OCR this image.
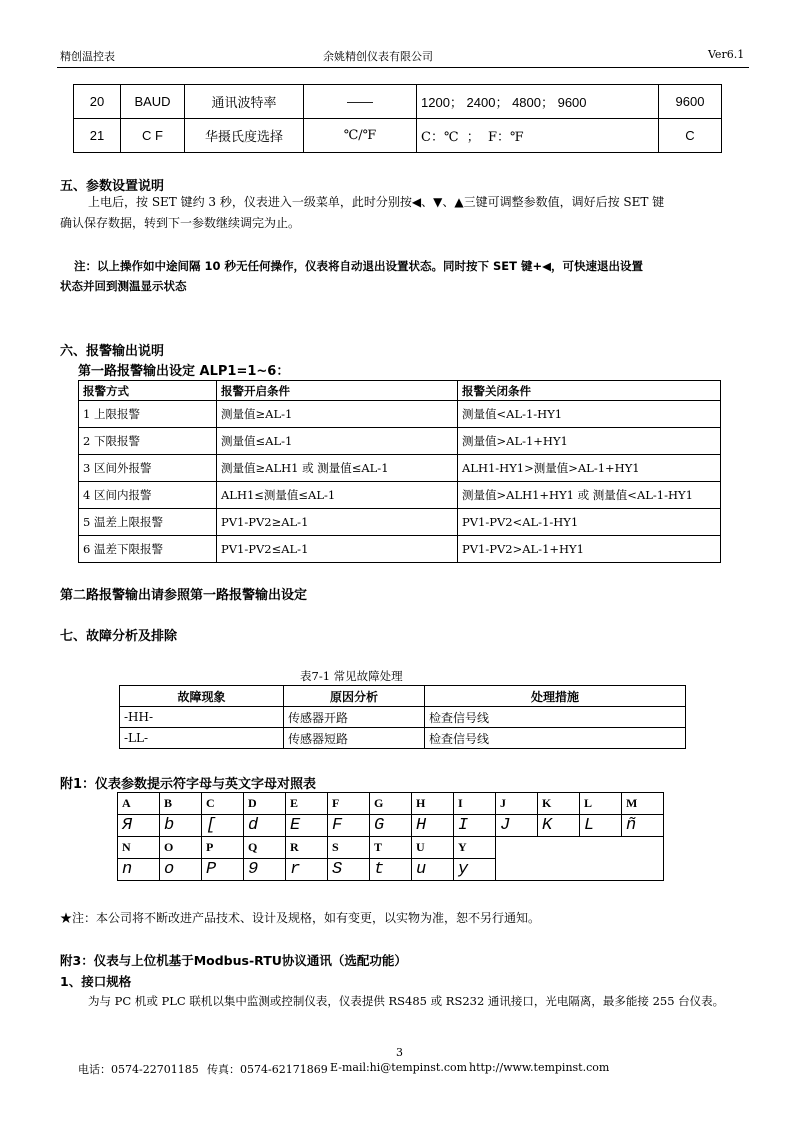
精创温控表	余姚精创仪表有限公司	Ver6.1
20	BAUD	通讯波特率	——	1200； 2400； 4800； 9600	9600
21	C F	华摄氏度选择	℃/℉	C：℃  ；  F：℉	C
五、参数设置说明
上电后，按 SET 键约 3 秒，仪表进入一级菜单，此时分别按◀、▼、▲三键可调整参数值，调好后按 SET 键
确认保存数据，转到下一参数继续调完为止。
注：以上操作如中途间隔 10 秒无任何操作，仪表将自动退出设置状态。同时按下 SET 键+◀，可快速退出设置
状态并回到测温显示状态
六、报警输出说明
第一路报警输出设定 ALP1=1~6：
报警方式	报警开启条件	报警关闭条件
1 上限报警	测量值≥AL-1	测量值<AL-1-HY1
2 下限报警	测量值≤AL-1	测量值>AL-1+HY1
3 区间外报警	测量值≥ALH1 或 测量值≤AL-1	ALH1-HY1>测量值>AL-1+HY1
4 区间内报警	ALH1≤测量值≤AL-1	测量值>ALH1+HY1 或 测量值<AL-1-HY1
5 温差上限报警	PV1-PV2≥AL-1	PV1-PV2<AL-1-HY1
6 温差下限报警	PV1-PV2≤AL-1	PV1-PV2>AL-1+HY1
第二路报警输出请参照第一路报警输出设定
七、故障分析及排除
表7-1 常见故障处理
故障现象	原因分析	处理措施
-HH-	传感器开路	检查信号线
-LL-	传感器短路	检查信号线
附1：仪表参数提示符字母与英文字母对照表
A	B	C	D	E	F	G	H	I	J	K	L	M
Я	b	[	d	E	F	G	H	I	J	K	L	ñ
N	O	P	Q	R	S	T	U	Y				
n	o	P	9	r	S	t	u	y				
★注：本公司将不断改进产品技术、设计及规格，如有变更，以实物为准，恕不另行通知。
附3：仪表与上位机基于Modbus-RTU协议通讯（选配功能）
1、接口规格
为与 PC 机或 PLC 联机以集中监测或控制仪表，仪表提供 RS485 或 RS232 通讯接口，光电隔离，最多能接 255 台仪表。
3
电话：0574-22701185 传真：0574-62171869 E-mail:hi@tempinst.com http://www.tempinst.com
